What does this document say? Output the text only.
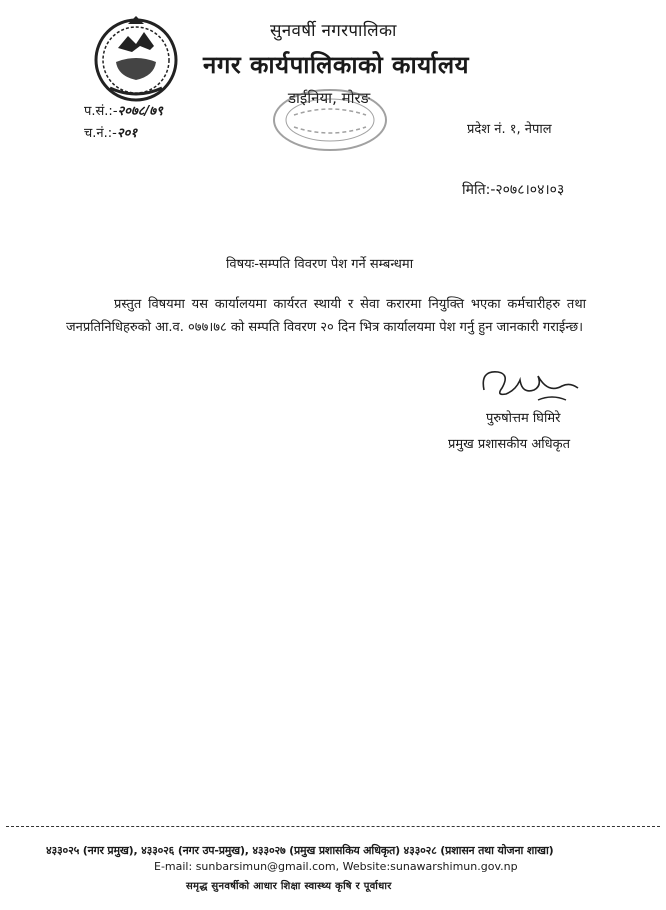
सुनवर्षी नगरपालिका
नगर कार्यपालिकाको कार्यालय
डाईनिया, मोरङ
प.सं.:-२०७८/७९
च.नं.:-२०१	प्रदेश नं. १, नेपाल
मिति:-२०७८।०४।०३
विषयः-सम्पति विवरण पेश गर्ने सम्बन्धमा
प्रस्तुत विषयमा यस कार्यालयमा कार्यरत स्थायी र सेवा करारमा नियुक्ति भएका कर्मचारीहरु तथा जनप्रतिनिधिहरुको आ.व. ०७७।७८ को सम्पति विवरण २० दिन भित्र कार्यालयमा पेश गर्नु हुन जानकारी गराईन्छ।
पुरुषोत्तम घिमिरे
प्रमुख प्रशासकीय अधिकृत
४३३०२५ (नगर प्रमुख), ४३३०२६ (नगर उप-प्रमुख), ४३३०२७ (प्रमुख प्रशासकिय अधिकृत) ४३३०२८ (प्रशासन तथा योजना शाखा)
E-mail: sunbarsimun@gmail.com, Website:sunawarshimun.gov.np
समृद्ध सुनवर्षीको आधार शिक्षा स्वास्थ्य कृषि र पूर्वाधार
